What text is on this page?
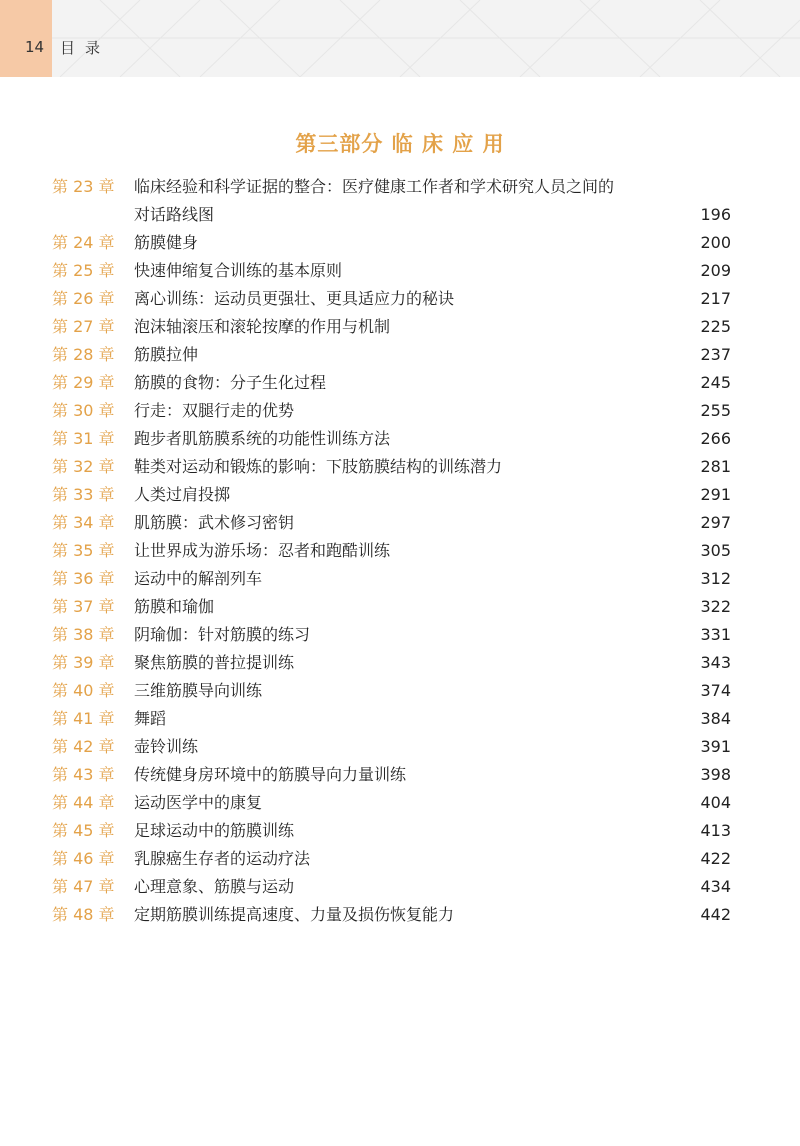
14 目录
第三部分 临 床 应 用
第 23 章 临床经验和科学证据的整合：医疗健康工作者和学术研究人员之间的
对话路线图	196
第 24 章 筋膜健身	200
第 25 章 快速伸缩复合训练的基本原则	209
第 26 章 离心训练：运动员更强壮、更具适应力的秘诀	217
第 27 章 泡沫轴滚压和滚轮按摩的作用与机制	225
第 28 章 筋膜拉伸	237
第 29 章 筋膜的食物：分子生化过程	245
第 30 章 行走：双腿行走的优势	255
第 31 章 跑步者肌筋膜系统的功能性训练方法	266
第 32 章 鞋类对运动和锻炼的影响：下肢筋膜结构的训练潜力	281
第 33 章 人类过肩投掷	291
第 34 章 肌筋膜：武术修习密钥	297
第 35 章 让世界成为游乐场：忍者和跑酷训练	305
第 36 章 运动中的解剖列车	312
第 37 章 筋膜和瑜伽	322
第 38 章 阴瑜伽：针对筋膜的练习	331
第 39 章 聚焦筋膜的普拉提训练	343
第 40 章 三维筋膜导向训练	374
第 41 章 舞蹈	384
第 42 章 壶铃训练	391
第 43 章 传统健身房环境中的筋膜导向力量训练	398
第 44 章 运动医学中的康复	404
第 45 章 足球运动中的筋膜训练	413
第 46 章 乳腺癌生存者的运动疗法	422
第 47 章 心理意象、筋膜与运动	434
第 48 章 定期筋膜训练提高速度、力量及损伤恢复能力	442
